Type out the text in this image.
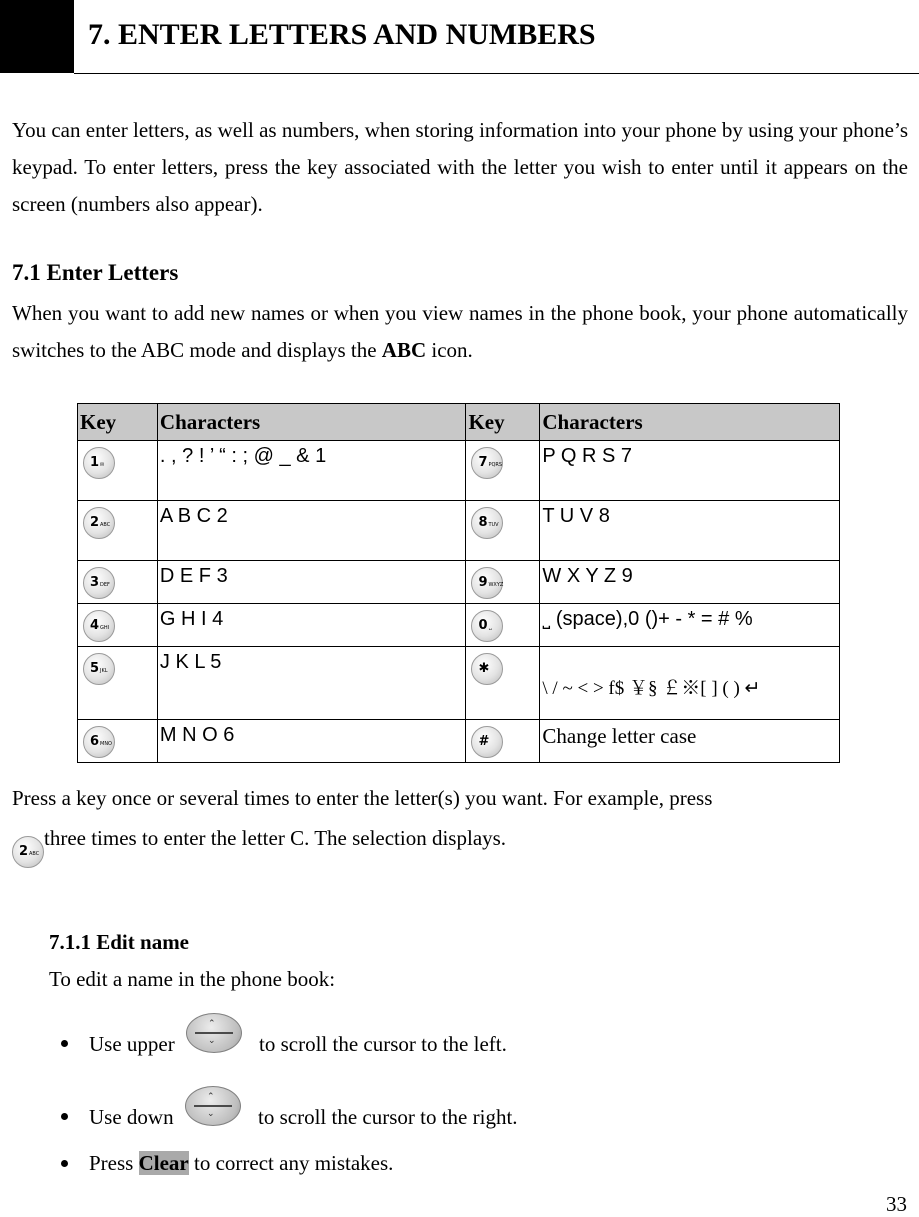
7. ENTER LETTERS AND NUMBERS
You can enter letters, as well as numbers, when storing information into your phone by using your phone’s keypad. To enter letters, press the key associated with the letter you wish to enter until it appears on the screen (numbers also appear).
7.1 Enter Letters
When you want to add new names or when you view names in the phone book, your phone automatically switches to the ABC mode and displays the ABC icon.
Key	Characters	Key	Characters
1 ✉	. , ? ! ’ “ : ; @ _ & 1	7 PQRS	P Q R S 7
2 ABC	A B C 2	8 TUV	T U V 8
3 DEF	D E F 3	9 WXYZ	W X Y Z 9
4 GHI	G H I 4	0 ␣	˽ (space),0 ()+ - * = # %
5 JKL	J K L 5	✱	\ / ~ < > f$ ￥§ ￡※[ ] ( ) ↵
6 MNO	M N O 6	#	Change letter case
Press a key once or several times to enter the letter(s) you want. For example, press
2 ABC
three times to enter the letter C. The selection displays.
7.1.1 Edit name
To edit a name in the phone book:
Use upper
⌃
⌄ to scroll the cursor to the left.
Use down
⌃
⌄ to scroll the cursor to the right.
Press Clear to correct any mistakes.
33
